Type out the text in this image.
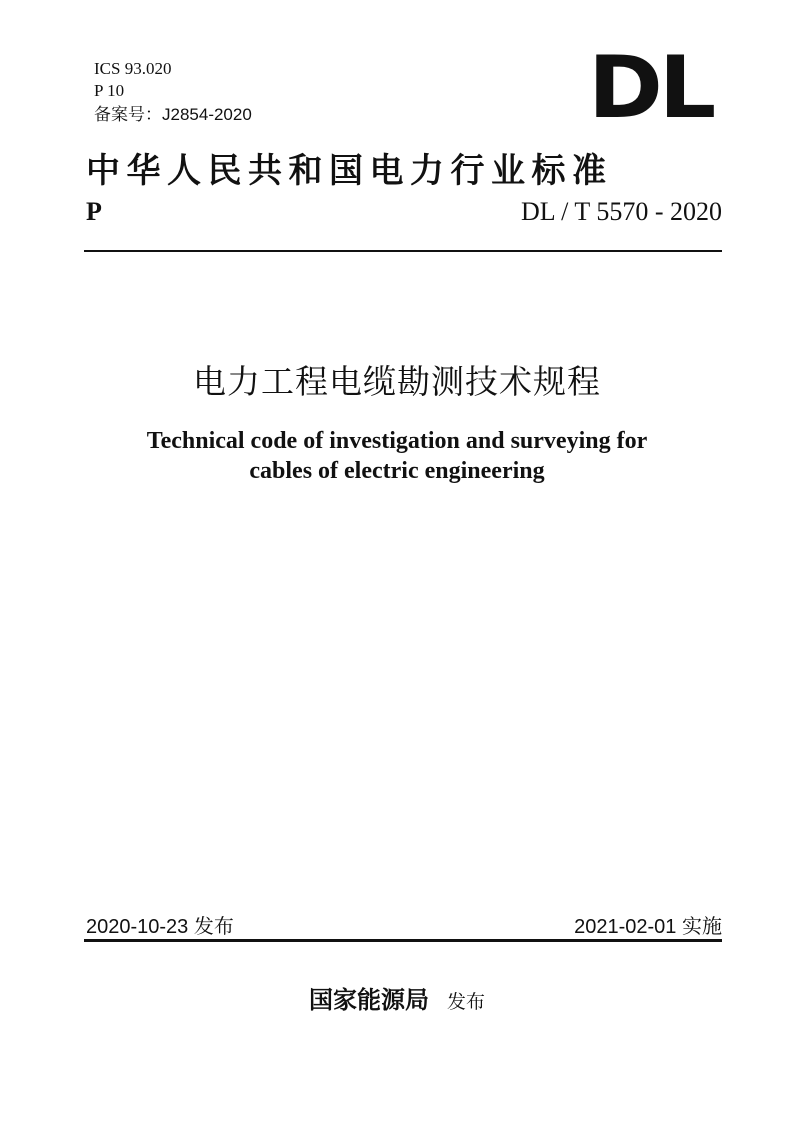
ICS 93.020
P 10
备案号：J2854-2020	DL
中华人民共和国电力行业标准
P	DL / T 5570 - 2020
电力工程电缆勘测技术规程
Technical code of investigation and surveying for
cables of electric engineering
2020-10-23 发布	2021-02-01 实施
国家能源局 发布
